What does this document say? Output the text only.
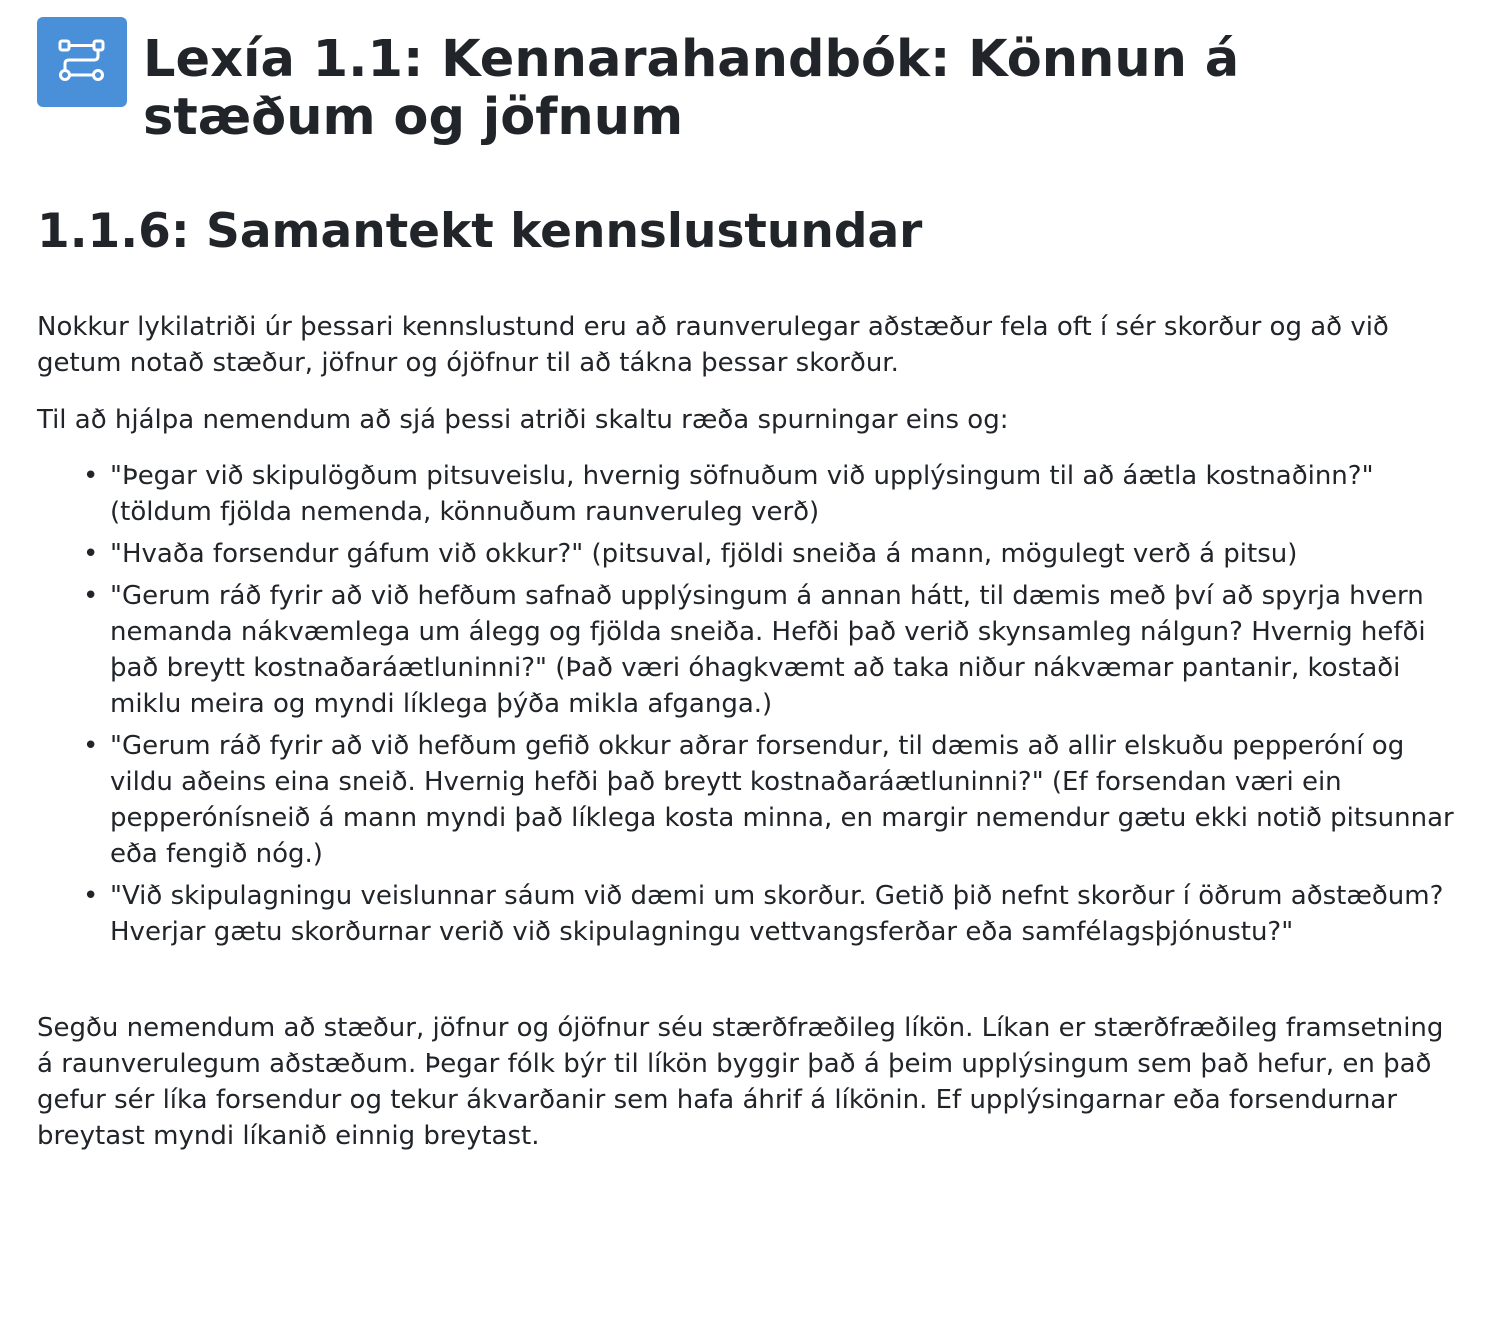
Lexía 1.1: Kennarahandbók: Könnun á stæðum og jöfnum
1.1.6: Samantekt kennslustundar

Nokkur lykilatriði úr þessari kennslustund eru að raunverulegar aðstæður fela oft í sér skorður og að við getum notað stæður, jöfnur og ójöfnur til að tákna þessar skorður.

Til að hjálpa nemendum að sjá þessi atriði skaltu ræða spurningar eins og:

• "Þegar við skipulögðum pitsuveislu, hvernig söfnuðum við upplýsingum til að áætla kostnaðinn?" (töldum fjölda nemenda, könnuðum raunveruleg verð)
• "Hvaða forsendur gáfum við okkur?" (pitsuval, fjöldi sneiða á mann, mögulegt verð á pitsu)
• "Gerum ráð fyrir að við hefðum safnað upplýsingum á annan hátt, til dæmis með því að spyrja hvern nemanda nákvæmlega um álegg og fjölda sneiða. Hefði það verið skynsamleg nálgun? Hvernig hefði það breytt kostnaðaráætluninni?" (Það væri óhagkvæmt að taka niður nákvæmar pantanir, kostaði miklu meira og myndi líklega þýða mikla afganga.)
• "Gerum ráð fyrir að við hefðum gefið okkur aðrar forsendur, til dæmis að allir elskuðu pepperóní og vildu aðeins eina sneið. Hvernig hefði það breytt kostnaðaráætluninni?" (Ef forsendan væri ein pepperónísneið á mann myndi það líklega kosta minna, en margir nemendur gætu ekki notið pitsunnar eða fengið nóg.)
• "Við skipulagningu veislunnar sáum við dæmi um skorður. Getið þið nefnt skorður í öðrum aðstæðum? Hverjar gætu skorðurnar verið við skipulagningu vettvangsferðar eða samfélagsþjónustu?"

Segðu nemendum að stæður, jöfnur og ójöfnur séu stærðfræðileg líkön. Líkan er stærðfræðileg framsetning á raunverulegum aðstæðum. Þegar fólk býr til líkön byggir það á þeim upplýsingum sem það hefur, en það gefur sér líka forsendur og tekur ákvarðanir sem hafa áhrif á líkönin. Ef upplýsingarnar eða forsendurnar breytast myndi líkanið einnig breytast.
